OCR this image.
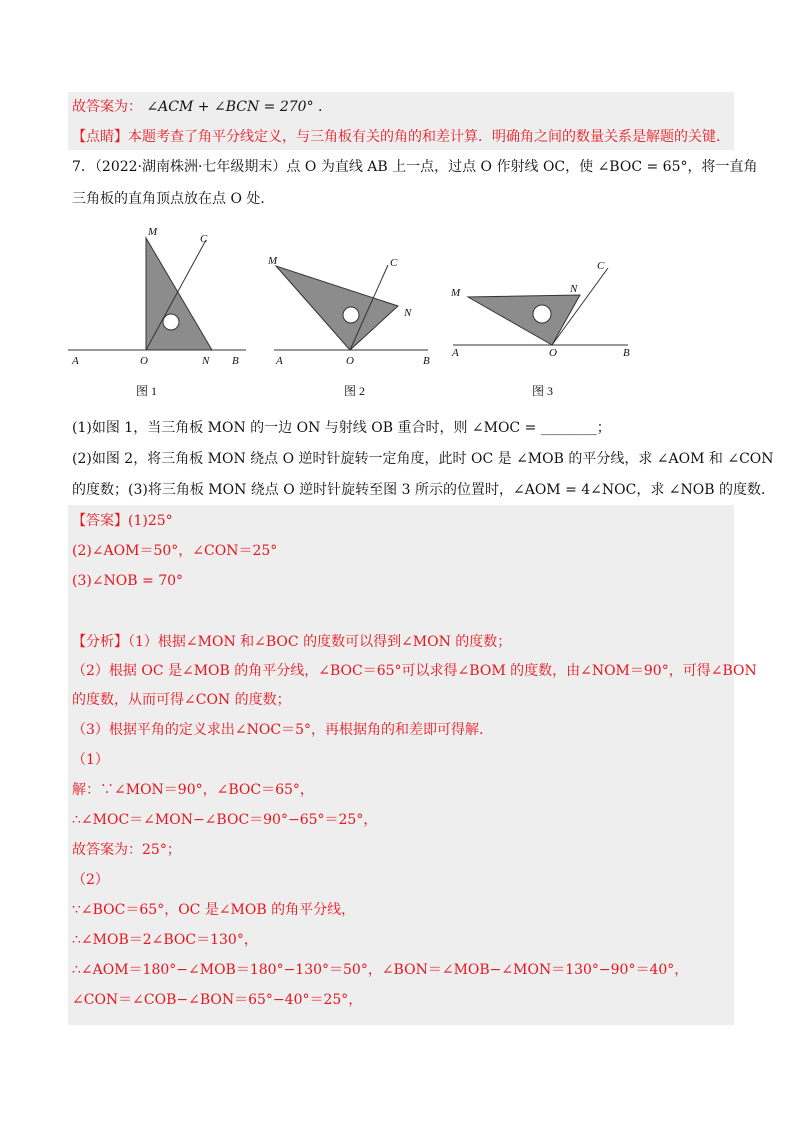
故答案为： ∠ACM + ∠BCN = 270° .
【点睛】本题考查了角平分线定义，与三角板有关的角的和差计算．明确角之间的数量关系是解题的关键．
7．（2022·湖南株洲·七年级期末）点 O 为直线 AB 上一点，过点 O 作射线 OC，使 ∠BOC = 65°，将一直角
三角板的直角顶点放在点 O 处．
M
C
A	O	N B
图 1
M	C
N
A	O	B
图 2
M
C
N
A	O	B
图 3
(1)如图 1，当三角板 MON 的一边 ON 与射线 OB 重合时，则 ∠MOC = ________；
(2)如图 2，将三角板 MON 绕点 O 逆时针旋转一定角度，此时 OC 是 ∠MOB 的平分线，求 ∠AOM 和 ∠CON
的度数；(3)将三角板 MON 绕点 O 逆时针旋转至图 3 所示的位置时，∠AOM = 4∠NOC，求 ∠NOB 的度数．
【答案】(1)25°
(2)∠AOM＝50°，∠CON＝25°
(3)∠NOB = 70°
【分析】（1）根据∠MON 和∠BOC 的度数可以得到∠MON 的度数；
（2）根据 OC 是∠MOB 的角平分线，∠BOC＝65°可以求得∠BOM 的度数，由∠NOM＝90°，可得∠BON
的度数，从而可得∠CON 的度数；
（3）根据平角的定义求出∠NOC＝5°，再根据角的和差即可得解．
（1）
解：∵∠MON＝90°，∠BOC＝65°，
∴∠MOC＝∠MON−∠BOC＝90°−65°＝25°，
故答案为：25°；
（2）
∵∠BOC＝65°，OC 是∠MOB 的角平分线，
∴∠MOB＝2∠BOC＝130°，
∴∠AOM＝180°−∠MOB＝180°−130°＝50°，∠BON＝∠MOB−∠MON＝130°−90°＝40°，
∠CON＝∠COB−∠BON＝65°−40°＝25°，
